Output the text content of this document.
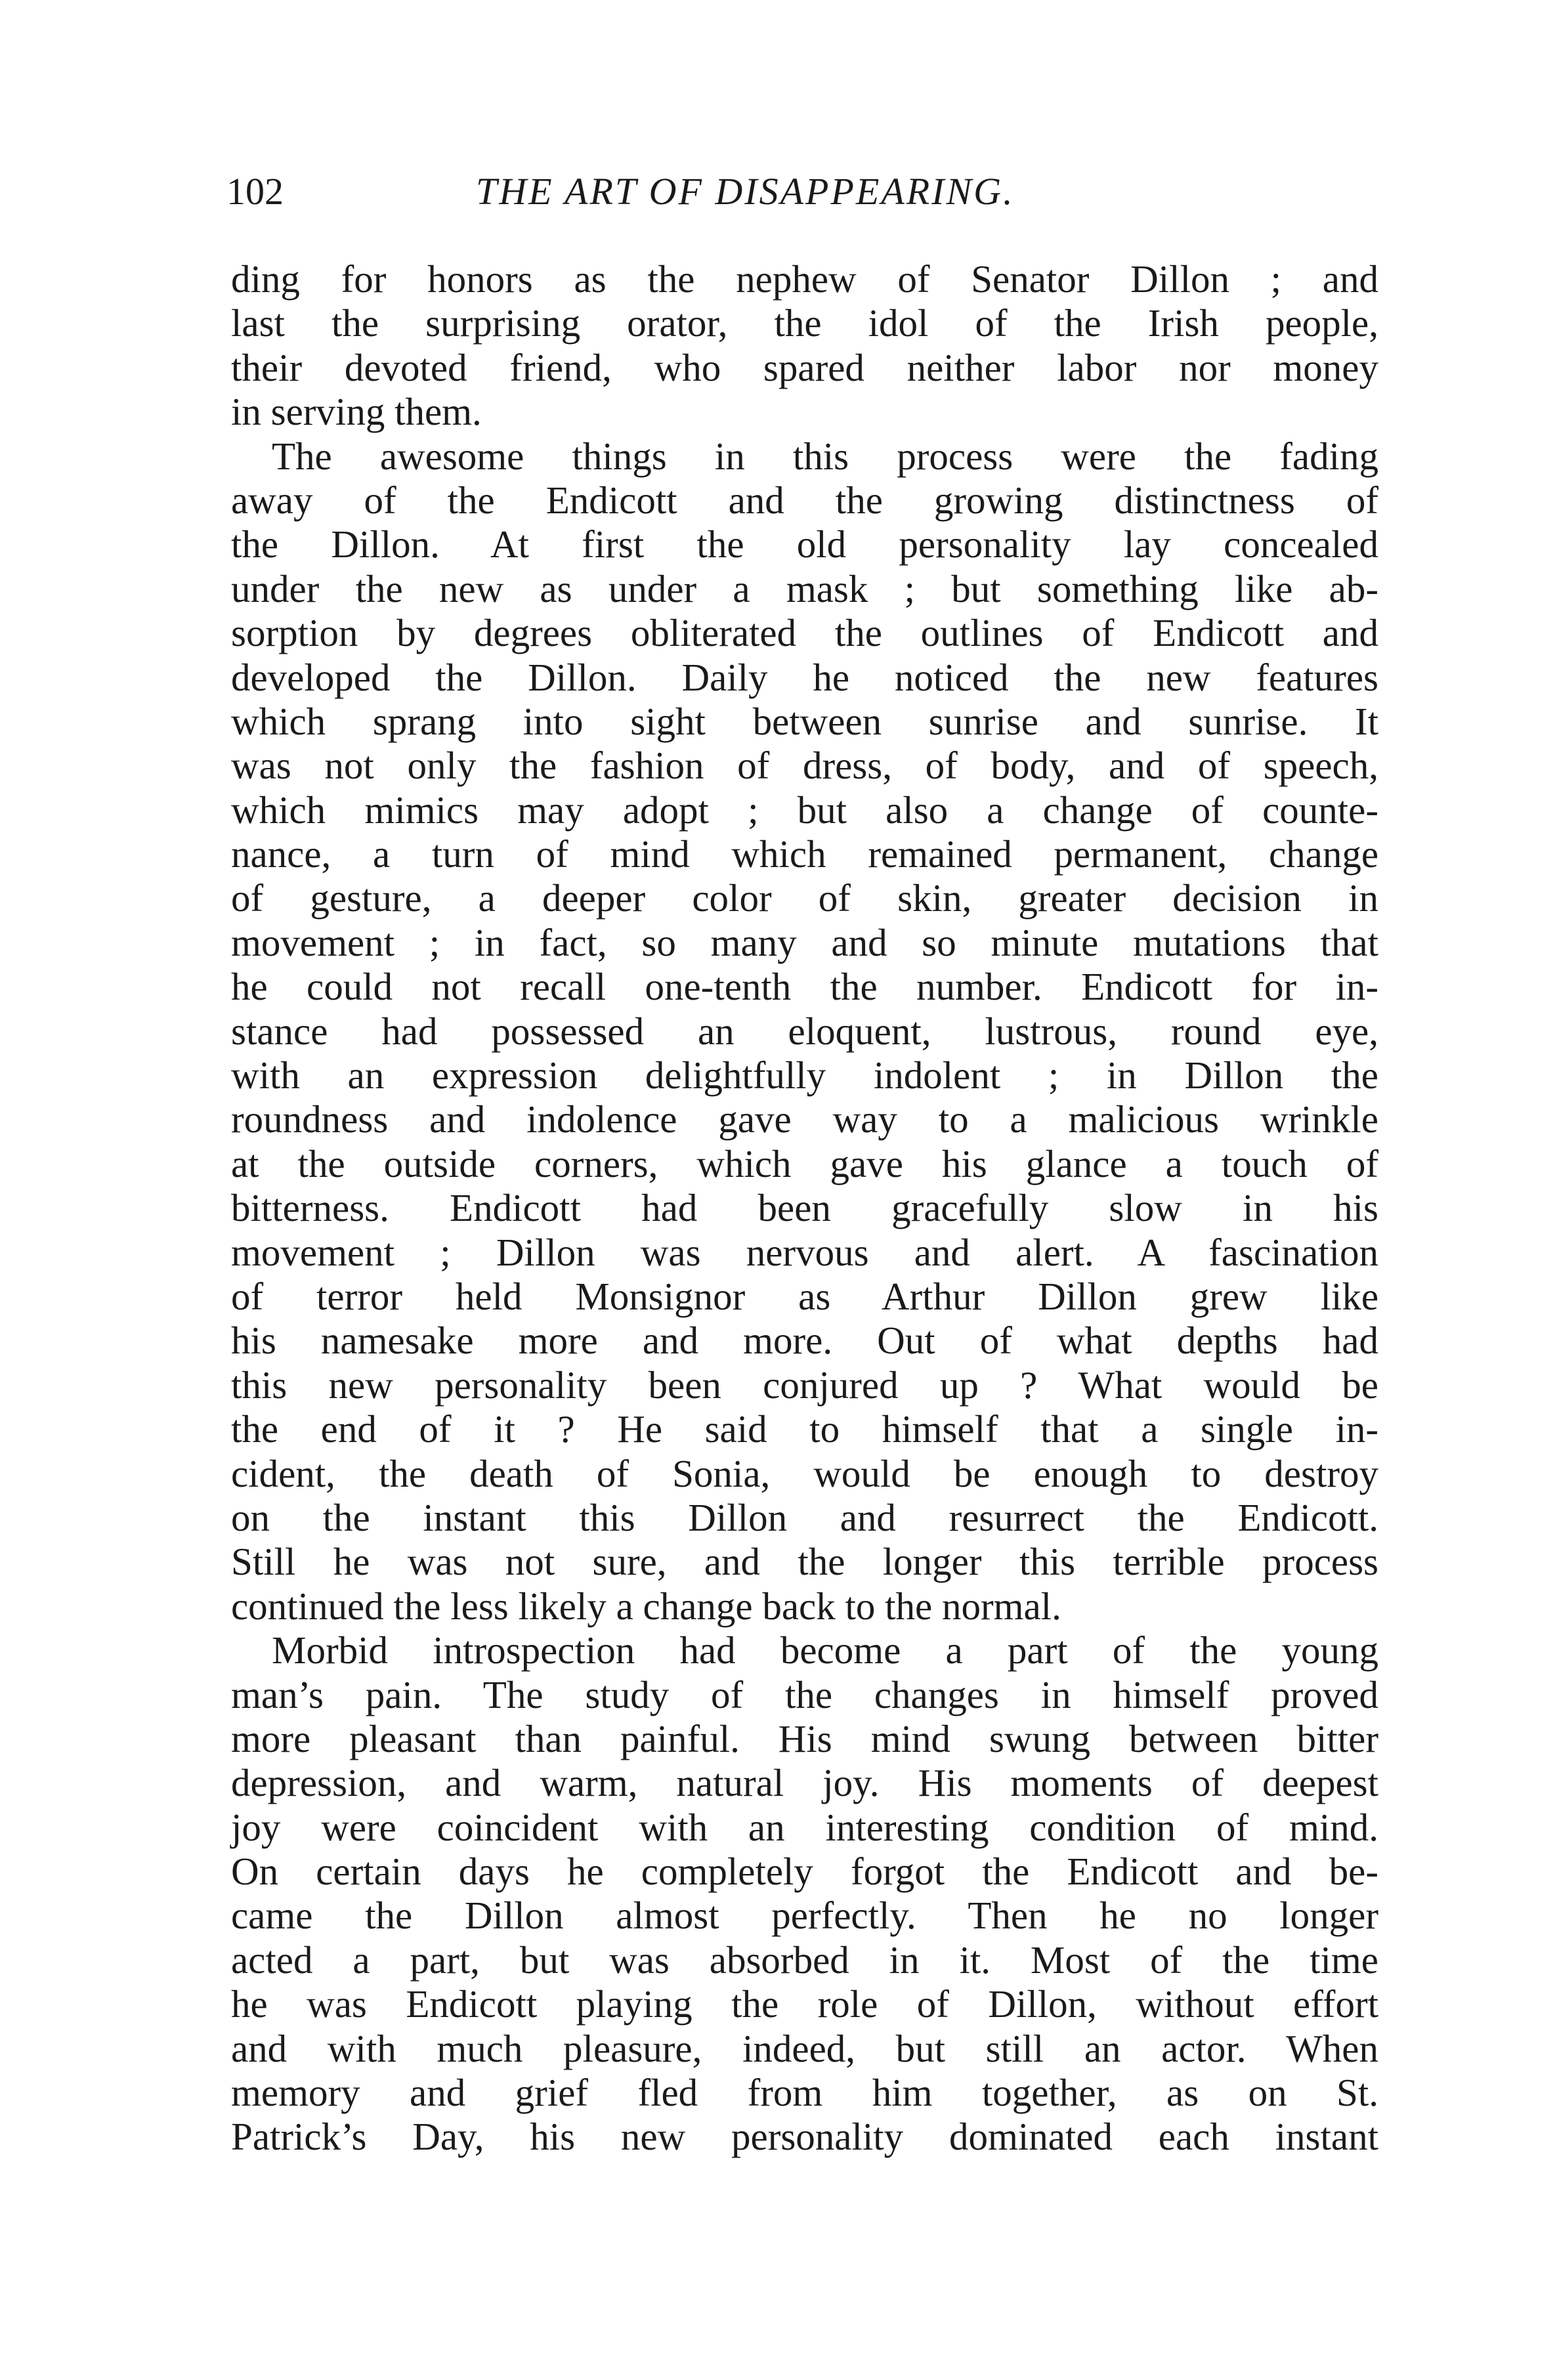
102	THE ART OF DISAPPEARING.
ding for honors as the nephew of Senator Dillon ; and
last the surprising orator, the idol of the Irish people,
their devoted friend, who spared neither labor nor money
in serving them.
The awesome things in this process were the fading
away of the Endicott and the growing distinctness of
the Dillon. At first the old personality lay concealed
under the new as under a mask ; but something like ab-
sorption by degrees obliterated the outlines of Endicott and
developed the Dillon. Daily he noticed the new features
which sprang into sight between sunrise and sunrise. It
was not only the fashion of dress, of body, and of speech,
which mimics may adopt ; but also a change of counte-
nance, a turn of mind which remained permanent, change
of gesture, a deeper color of skin, greater decision in
movement ; in fact, so many and so minute mutations that
he could not recall one-tenth the number. Endicott for in-
stance had possessed an eloquent, lustrous, round eye,
with an expression delightfully indolent ; in Dillon the
roundness and indolence gave way to a malicious wrinkle
at the outside corners, which gave his glance a touch of
bitterness. Endicott had been gracefully slow in his
movement ; Dillon was nervous and alert. A fascination
of terror held Monsignor as Arthur Dillon grew like
his namesake more and more. Out of what depths had
this new personality been conjured up ? What would be
the end of it ? He said to himself that a single in-
cident, the death of Sonia, would be enough to destroy
on the instant this Dillon and resurrect the Endicott.
Still he was not sure, and the longer this terrible process
continued the less likely a change back to the normal.
Morbid introspection had become a part of the young
man’s pain. The study of the changes in himself proved
more pleasant than painful. His mind swung between bitter
depression, and warm, natural joy. His moments of deepest
joy were coincident with an interesting condition of mind.
On certain days he completely forgot the Endicott and be-
came the Dillon almost perfectly. Then he no longer
acted a part, but was absorbed in it. Most of the time
he was Endicott playing the role of Dillon, without effort
and with much pleasure, indeed, but still an actor. When
memory and grief fled from him together, as on St.
Patrick’s Day, his new personality dominated each instant
